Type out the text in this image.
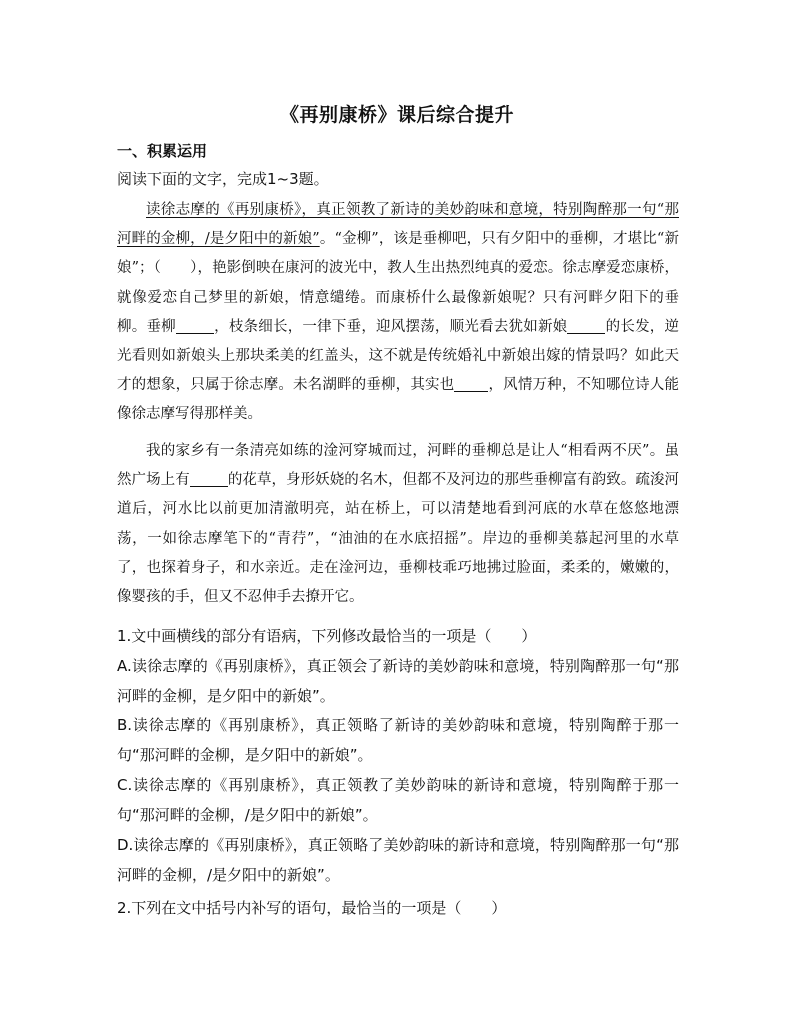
《再别康桥》课后综合提升
一、积累运用
阅读下面的文字，完成1~3题。

读徐志摩的《再别康桥》，真正领教了新诗的美妙韵味和意境，特别陶醉那一句“那河畔的金柳，/是夕阳中的新娘”。“金柳”，该是垂柳吧，只有夕阳中的垂柳，才堪比“新娘”；（　　），艳影倒映在康河的波光中，教人生出热烈纯真的爱恋。徐志摩爱恋康桥，就像爱恋自己梦里的新娘，情意缱绻。而康桥什么最像新娘呢？只有河畔夕阳下的垂柳。垂柳	，枝条细长，一律下垂，迎风摆荡，顺光看去犹如新娘	的长发，逆光看则如新娘头上那块柔美的红盖头，这不就是传统婚礼中新娘出嫁的情景吗？如此天才的想象，只属于徐志摩。未名湖畔的垂柳，其实也 ，风情万种，不知哪位诗人能像徐志摩写得那样美。

我的家乡有一条清亮如练的淦河穿城而过，河畔的垂柳总是让人“相看两不厌”。虽然广场上有	的花草，身形妖娆的名木，但都不及河边的那些垂柳富有韵致。疏浚河道后，河水比以前更加清澈明亮，站在桥上，可以清楚地看到河底的水草在悠悠地漂荡，一如徐志摩笔下的“青荇”，“油油的在水底招摇”。岸边的垂柳美慕起河里的水草了，也探着身子，和水亲近。走在淦河边，垂柳枝乖巧地拂过脸面，柔柔的，嫩嫩的，像婴孩的手，但又不忍伸手去撩开它。

1.文中画横线的部分有语病，下列修改最恰当的一项是（　　）

A.读徐志摩的《再别康桥》，真正领会了新诗的美妙韵味和意境，特别陶醉那一句“那河畔的金柳，是夕阳中的新娘”。

B.读徐志摩的《再别康桥》，真正领略了新诗的美妙韵味和意境，特别陶醉于那一句“那河畔的金柳，是夕阳中的新娘”。

C.读徐志摩的《再别康桥》，真正领教了美妙韵味的新诗和意境，特别陶醉于那一句“那河畔的金柳，/是夕阳中的新娘”。

D.读徐志摩的《再别康桥》，真正领略了美妙韵味的新诗和意境，特别陶醉那一句“那河畔的金柳，/是夕阳中的新娘”。

2.下列在文中括号内补写的语句，最恰当的一项是（　　）
